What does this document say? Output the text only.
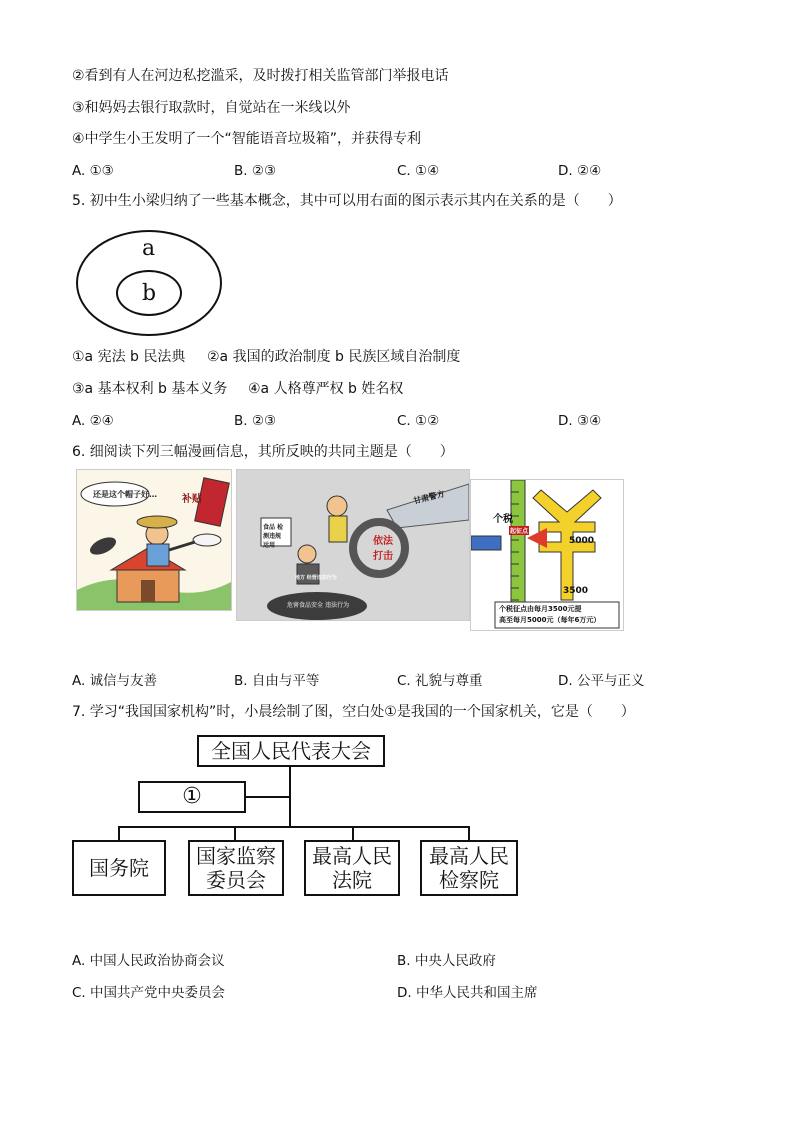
②看到有人在河边私挖滥采，及时拨打相关监管部门举报电话
③和妈妈去银行取款时，自觉站在一米线以外
④中学生小王发明了一个“智能语音垃圾箱”，并获得专利
A. ①③	B. ②③	C. ①④	D. ②④
5. 初中生小梁归纳了一些基本概念，其中可以用右面的图示表示其内在关系的是（　　）
a
b
①a 宪法 b 民法典 ②a 我国的政治制度 b 民族区域自治制度
③a 基本权利 b 基本义务 ④a 人格尊严权 b 姓名权
A. ②④	B. ②③	C. ①②	D. ③④
6. 细阅读下列三幅漫画信息，其所反映的共同主题是（　　）
还是这个帽子好…	补贴	甘肃警方
依法打击
食品 检测违规 运用
地方 经营违法行为
危害食品安全 违法行为
个税
起征点
5000
3500
个税征点由每月3500元提
高至每月5000元（每年6万元）
A. 诚信与友善	B. 自由与平等	C. 礼貌与尊重	D. 公平与正义
7. 学习“我国国家机构”时，小晨绘制了图，空白处①是我国的一个国家机关，它是（　　）
全国人民代表大会
①
国务院	国家监察
委员会
最高人民
法院
最高人民
检察院
A. 中国人民政治协商会议	B. 中央人民政府
C. 中国共产党中央委员会	D. 中华人民共和国主席
